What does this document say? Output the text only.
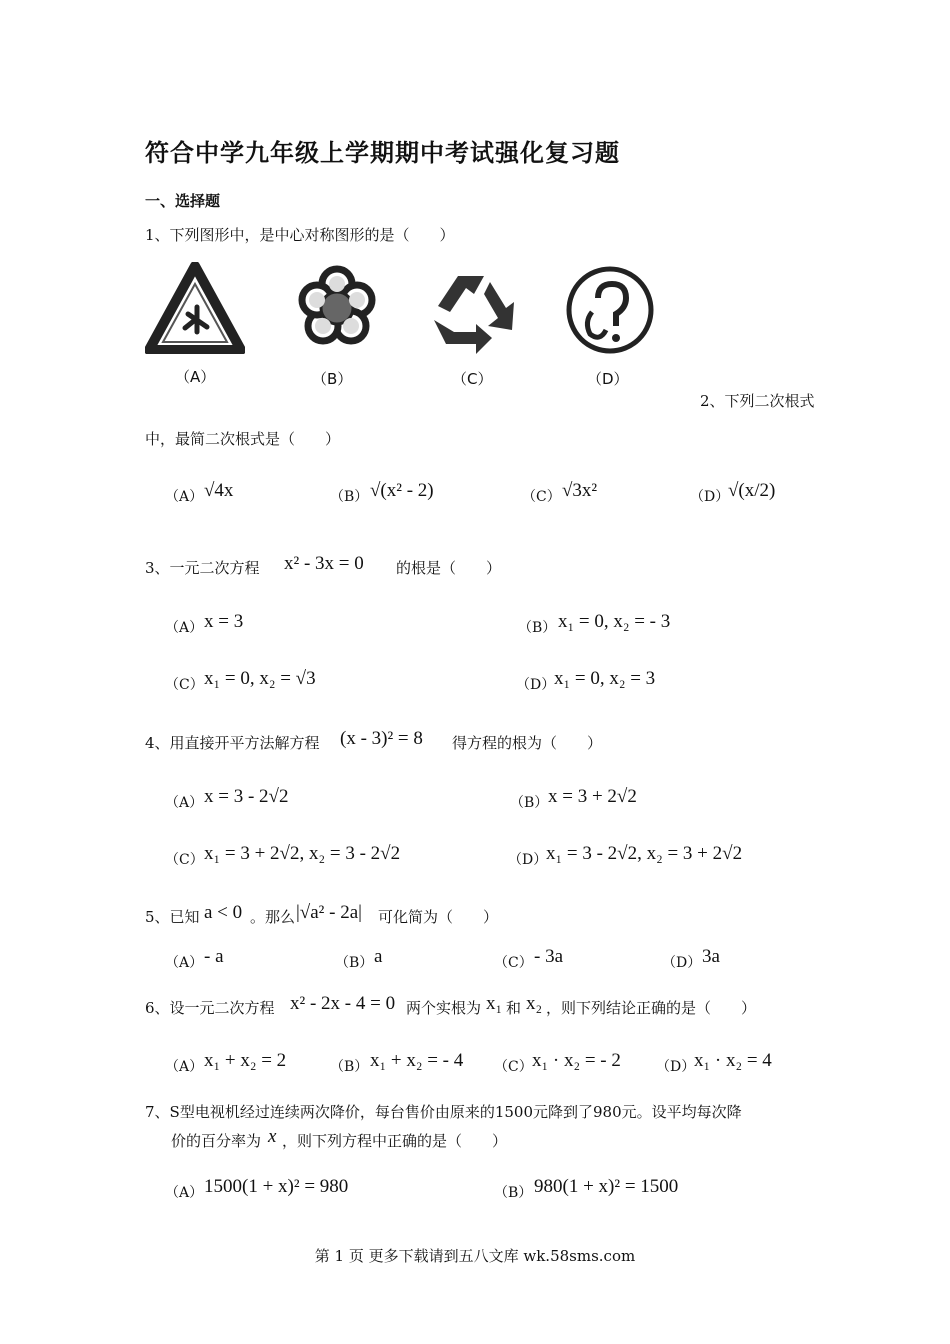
符合中学九年级上学期期中考试强化复习题
一、选择题
1、下列图形中，是中心对称图形的是（　　）
（A）	（B）	（C）	（D）
2、下列二次根式
中，最简二次根式是（　　）
（A） √4x	（B） √(x² - 2)	（C） √3x²	（D）
√(x/2)
3、一元二次方程 x² - 3x = 0 的根是（　　）
（A） x = 3	（B） x₁ = 0, x₂ = - 3
（C） x₁ = 0, x₂ = √3	（D）
x₁ = 0, x₂ = 3
4、用直接开平方法解方程 (x - 3)² = 8 得方程的根为（　　）
（A） x = 3 - 2√2	（B） x = 3 + 2√2
（C） x₁ = 3 + 2√2, x₂ = 3 - 2√2	（D）
x₁ = 3 - 2√2, x₂ = 3 + 2√2
5、已知 a < 0 。那么 |√a² - 2a| 可化简为（　　）
（A） - a	（B） a	（C） - 3a	（D） 3a
6、设一元二次方程 x² - 2x - 4 = 0 两个实根为 x₁ 和 x₂ ，则下列结论正确的是（　　）
（A） x₁ + x₂ = 2	（B） x₁ + x₂ = - 4 （C） x₁ · x₂ = - 2	（D）
x₁ · x₂ = 4
7、S型电视机经过连续两次降价，每台售价由原来的1500元降到了980元。设平均每次降
价的百分率为 x ，则下列方程中正确的是（　　）
（A） 1500(1 + x)² = 980	（B） 980(1 + x)² = 1500
第 1 页 更多下载请到五八文库 wk.58sms.com
